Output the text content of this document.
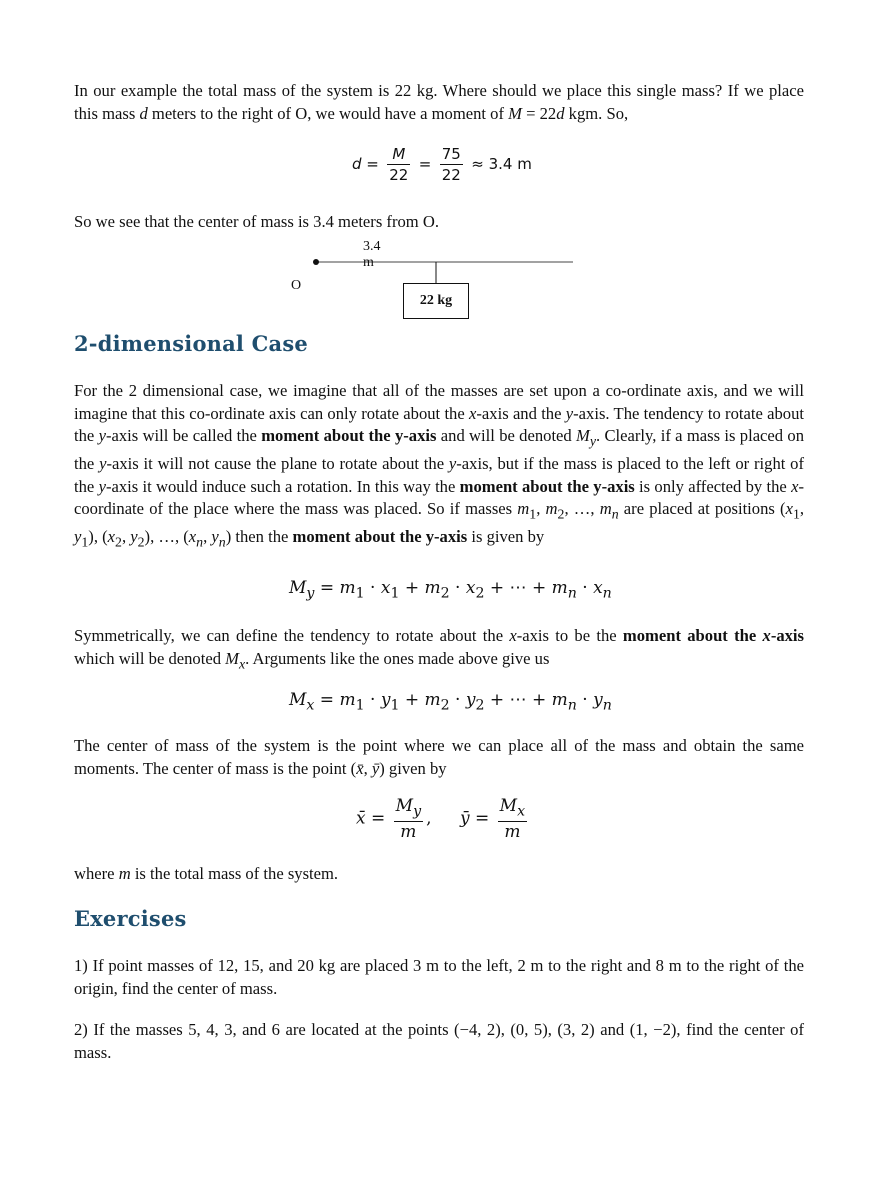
In our example the total mass of the system is 22 kg. Where should we place this single mass? If we place this mass d meters to the right of O, we would have a moment of M = 22d kgm. So,

$d = \frac{M}{22} = \frac{75}{22} \approx 3.4$ m

So we see that the center of mass is 3.4 meters from O.

3.4 m
O
22 kg
2-dimensional Case

For the 2 dimensional case, we imagine that all of the masses are set upon a co-ordinate axis, and we will imagine that this co-ordinate axis can only rotate about the x-axis and the y-axis. The tendency to rotate about the y-axis will be called the moment about the y-axis and will be denoted $M_y$. Clearly, if a mass is placed on the y-axis it will not cause the plane to rotate about the y-axis, but if the mass is placed to the left or right of the y-axis it would induce such a rotation. In this way the moment about the y-axis is only affected by the x-coordinate of the place where the mass was placed. So if masses $m_1$, $m_2$, …, $m_n$ are placed at positions ($x_1$, $y_1$), ($x_2$, $y_2$), …, ($x_n$, $y_n$) then the moment about the y-axis is given by

$M_y = m_1 \cdot x_1 + m_2 \cdot x_2$ + ⋯ + $m_n \cdot x_n$

Symmetrically, we can define the tendency to rotate about the x-axis to be the moment about the x-axis which will be denoted $M_x$. Arguments like the ones made above give us

$M_x = m_1 \cdot y_1 + m_2 \cdot y_2$ + ⋯ + $m_n \cdot y_n$

The center of mass of the system is the point where we can place all of the mass and obtain the same moments. The center of mass is the point (x̄, ȳ) given by

x̄ = $\frac{M_y}{m}$ , ȳ = $\frac{M_x}{m}$

where m is the total mass of the system.

Exercises

1) If point masses of 12, 15, and 20 kg are placed 3 m to the left, 2 m to the right and 8 m to the right of the origin, find the center of mass.

2) If the masses 5, 4, 3, and 6 are located at the points (−4, 2), (0, 5), (3, 2) and (1, −2), find the center of mass.
